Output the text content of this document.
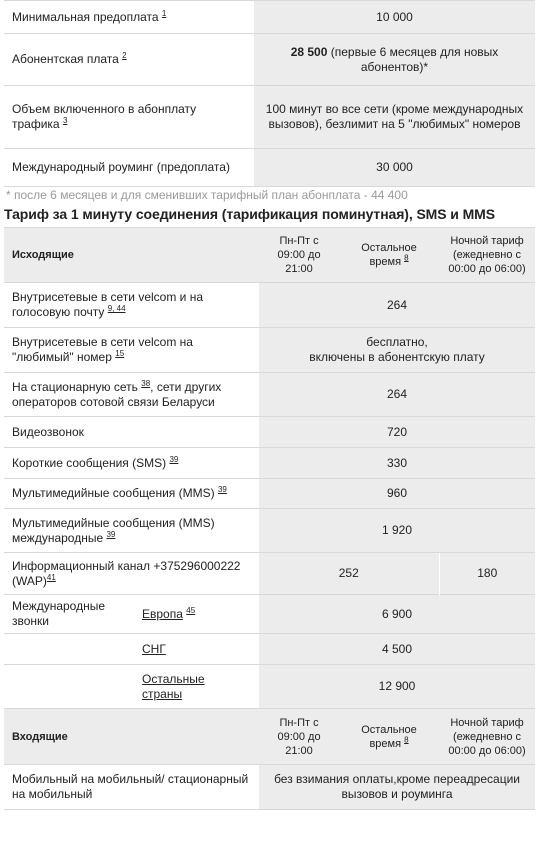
Минимальная предоплата $^1$	10 000
Абонентская плата $^2$	28 500 (первые 6 месяцев для новых абонентов)*
Объем включенного в абонплату трафика $^3$	100 минут во все сети (кроме международных вызовов), безлимит на 5 "любимых" номеров
Международный роуминг (предоплата)	30 000
* после 6 месяцев и для сменивших тарифный план абонплата - 44 400
Тариф за 1 минуту соединения (тарификация поминутная), SMS и MMS
Исходящие		Пн-Пт с 09:00 до 21:00	Остальное время $^8$	Ночной тариф (ежедневно с 00:00 до 06:00)
Внутрисетевые в сети velcom и на голосовую почту $^{9, 44}$		264		
Внутрисетевые в сети velcom на "любимый" номер $^{15}$		бесплатно,
включены в абонентскую плату		
На стационарную сеть $^{38}$, сети других операторов сотовой связи Беларуси		264		
Видеозвонок		720		
Короткие сообщения (SMS) $^{39}$		330		
Мультимедийные сообщения (MMS) $^{39}$		960		
Мультимедийные сообщения (MMS) международные $^{39}$		1 920		
Информационный канал +375296000222 (WAP)$^{41}$		252		180
Международные звонки	Европа $^{45}$	6 900		
	СНГ	4 500		
	Остальные страны	12 900		
Входящие		Пн-Пт с 09:00 до 21:00	Остальное время $^8$	Ночной тариф (ежедневно с 00:00 до 06:00)
Мобильный на мобильный/ стационарный на мобильный		без взимания оплаты,кроме переадресации вызовов и роуминга		
